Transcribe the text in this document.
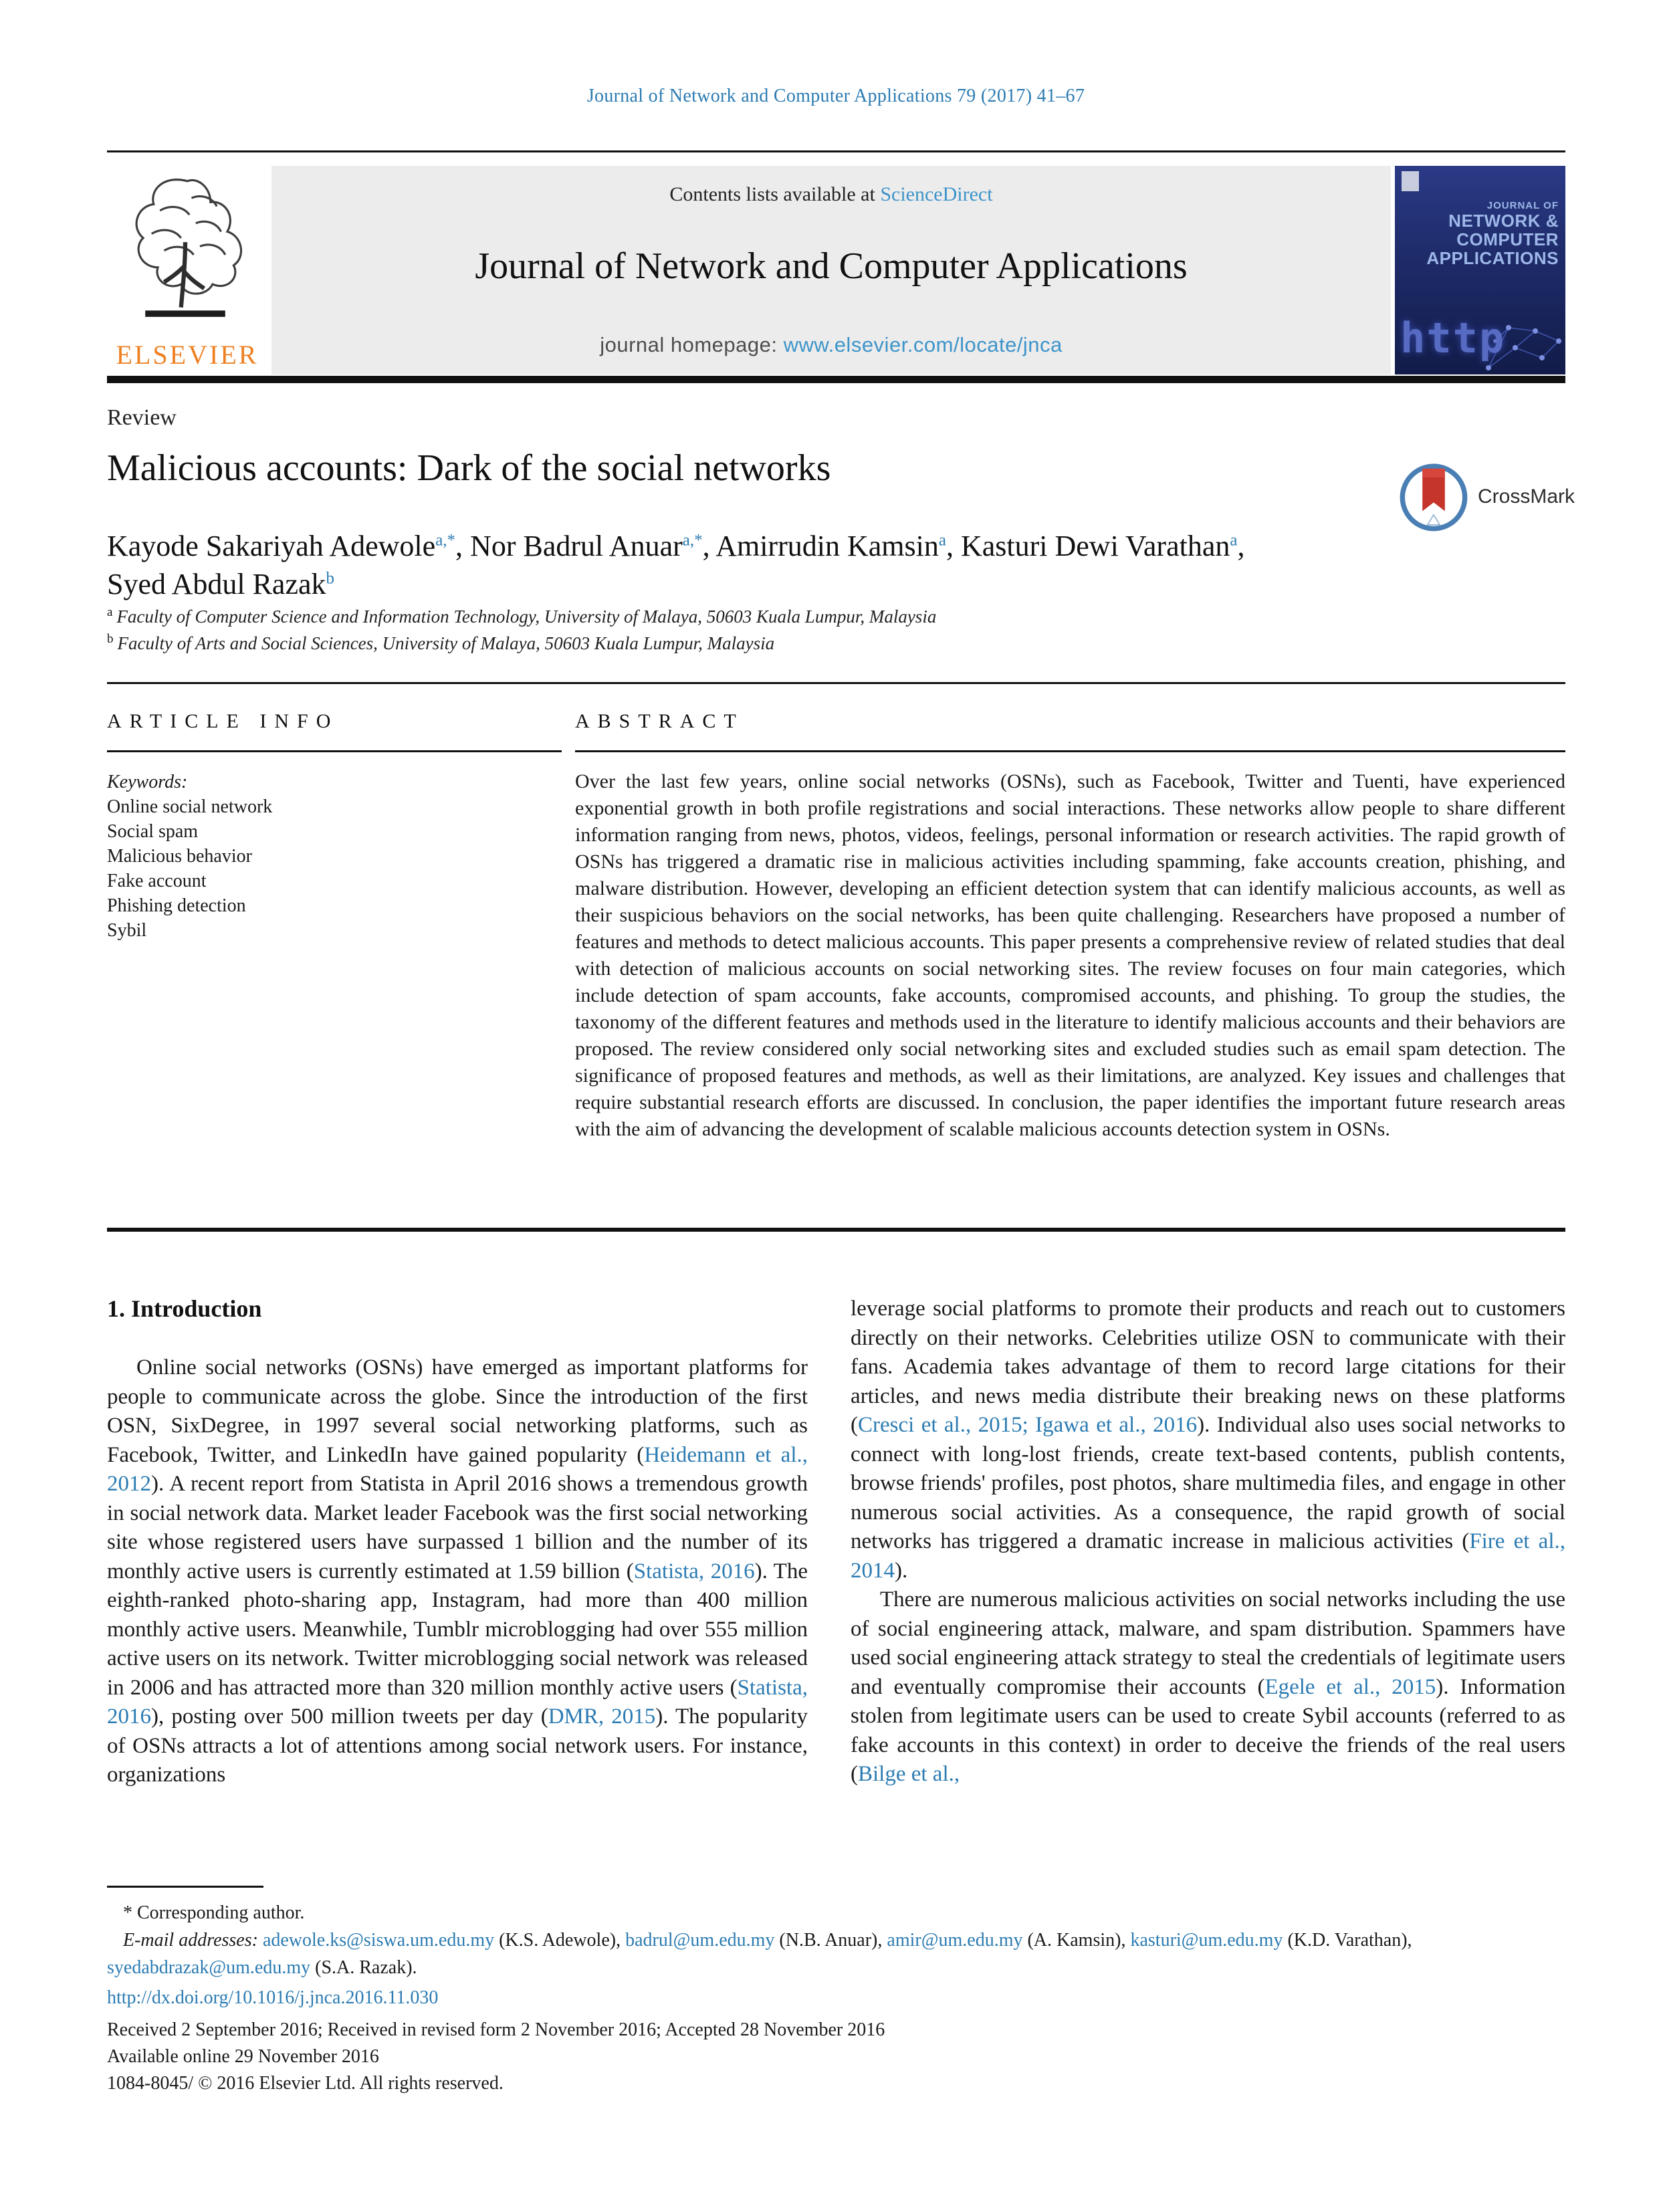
Journal of Network and Computer Applications 79 (2017) 41–67
ELSEVIER
Contents lists available at ScienceDirect
Journal of Network and Computer Applications
journal homepage: www.elsevier.com/locate/jnca
JOURNAL OF
NETWORK &
COMPUTER
APPLICATIONS
http
Review
Malicious accounts: Dark of the social networks
CrossMark
Kayode Sakariyah Adewole$^{a,*}$, Nor Badrul Anuar$^{a,*}$, Amirrudin Kamsin$^a$, Kasturi Dewi Varathan$^a$,
Syed Abdul Razak$^b$
$^a$ Faculty of Computer Science and Information Technology, University of Malaya, 50603 Kuala Lumpur, Malaysia
$^b$ Faculty of Arts and Social Sciences, University of Malaya, 50603 Kuala Lumpur, Malaysia
ARTICLE INFO
Keywords:
Online social network
Social spam
Malicious behavior
Fake account
Phishing detection
Sybil
ABSTRACT
Over the last few years, online social networks (OSNs), such as Facebook, Twitter and Tuenti, have experienced exponential growth in both profile registrations and social interactions. These networks allow people to share different information ranging from news, photos, videos, feelings, personal information or research activities. The rapid growth of OSNs has triggered a dramatic rise in malicious activities including spamming, fake accounts creation, phishing, and malware distribution. However, developing an efficient detection system that can identify malicious accounts, as well as their suspicious behaviors on the social networks, has been quite challenging. Researchers have proposed a number of features and methods to detect malicious accounts. This paper presents a comprehensive review of related studies that deal with detection of malicious accounts on social networking sites. The review focuses on four main categories, which include detection of spam accounts, fake accounts, compromised accounts, and phishing. To group the studies, the taxonomy of the different features and methods used in the literature to identify malicious accounts and their behaviors are proposed. The review considered only social networking sites and excluded studies such as email spam detection. The significance of proposed features and methods, as well as their limitations, are analyzed. Key issues and challenges that require substantial research efforts are discussed. In conclusion, the paper identifies the important future research areas with the aim of advancing the development of scalable malicious accounts detection system in OSNs.
1. Introduction

Online social networks (OSNs) have emerged as important platforms for people to communicate across the globe. Since the introduction of the first OSN, SixDegree, in 1997 several social networking platforms, such as Facebook, Twitter, and LinkedIn have gained popularity (Heidemann et al., 2012). A recent report from Statista in April 2016 shows a tremendous growth in social network data. Market leader Facebook was the first social networking site whose registered users have surpassed 1 billion and the number of its monthly active users is currently estimated at 1.59 billion (Statista, 2016). The eighth-ranked photo-sharing app, Instagram, had more than 400 million monthly active users. Meanwhile, Tumblr microblogging had over 555 million active users on its network. Twitter microblogging social network was released in 2006 and has attracted more than 320 million monthly active users (Statista, 2016), posting over 500 million tweets per day (DMR, 2015). The popularity of OSNs attracts a lot of attentions among social network users. For instance, organizations

leverage social platforms to promote their products and reach out to customers directly on their networks. Celebrities utilize OSN to communicate with their fans. Academia takes advantage of them to record large citations for their articles, and news media distribute their breaking news on these platforms (Cresci et al., 2015; Igawa et al., 2016). Individual also uses social networks to connect with long-lost friends, create text-based contents, publish contents, browse friends' profiles, post photos, share multimedia files, and engage in other numerous social activities. As a consequence, the rapid growth of social networks has triggered a dramatic increase in malicious activities (Fire et al., 2014).

There are numerous malicious activities on social networks including the use of social engineering attack, malware, and spam distribution. Spammers have used social engineering attack strategy to steal the credentials of legitimate users and eventually compromise their accounts (Egele et al., 2015). Information stolen from legitimate users can be used to create Sybil accounts (referred to as fake accounts in this context) in order to deceive the friends of the real users (Bilge et al.,

* Corresponding author.
E-mail addresses: adewole.ks@siswa.um.edu.my (K.S. Adewole), badrul@um.edu.my (N.B. Anuar), amir@um.edu.my (A. Kamsin), kasturi@um.edu.my (K.D. Varathan), syedabdrazak@um.edu.my (S.A. Razak).
http://dx.doi.org/10.1016/j.jnca.2016.11.030
Received 2 September 2016; Received in revised form 2 November 2016; Accepted 28 November 2016
Available online 29 November 2016
1084-8045/ © 2016 Elsevier Ltd. All rights reserved.
